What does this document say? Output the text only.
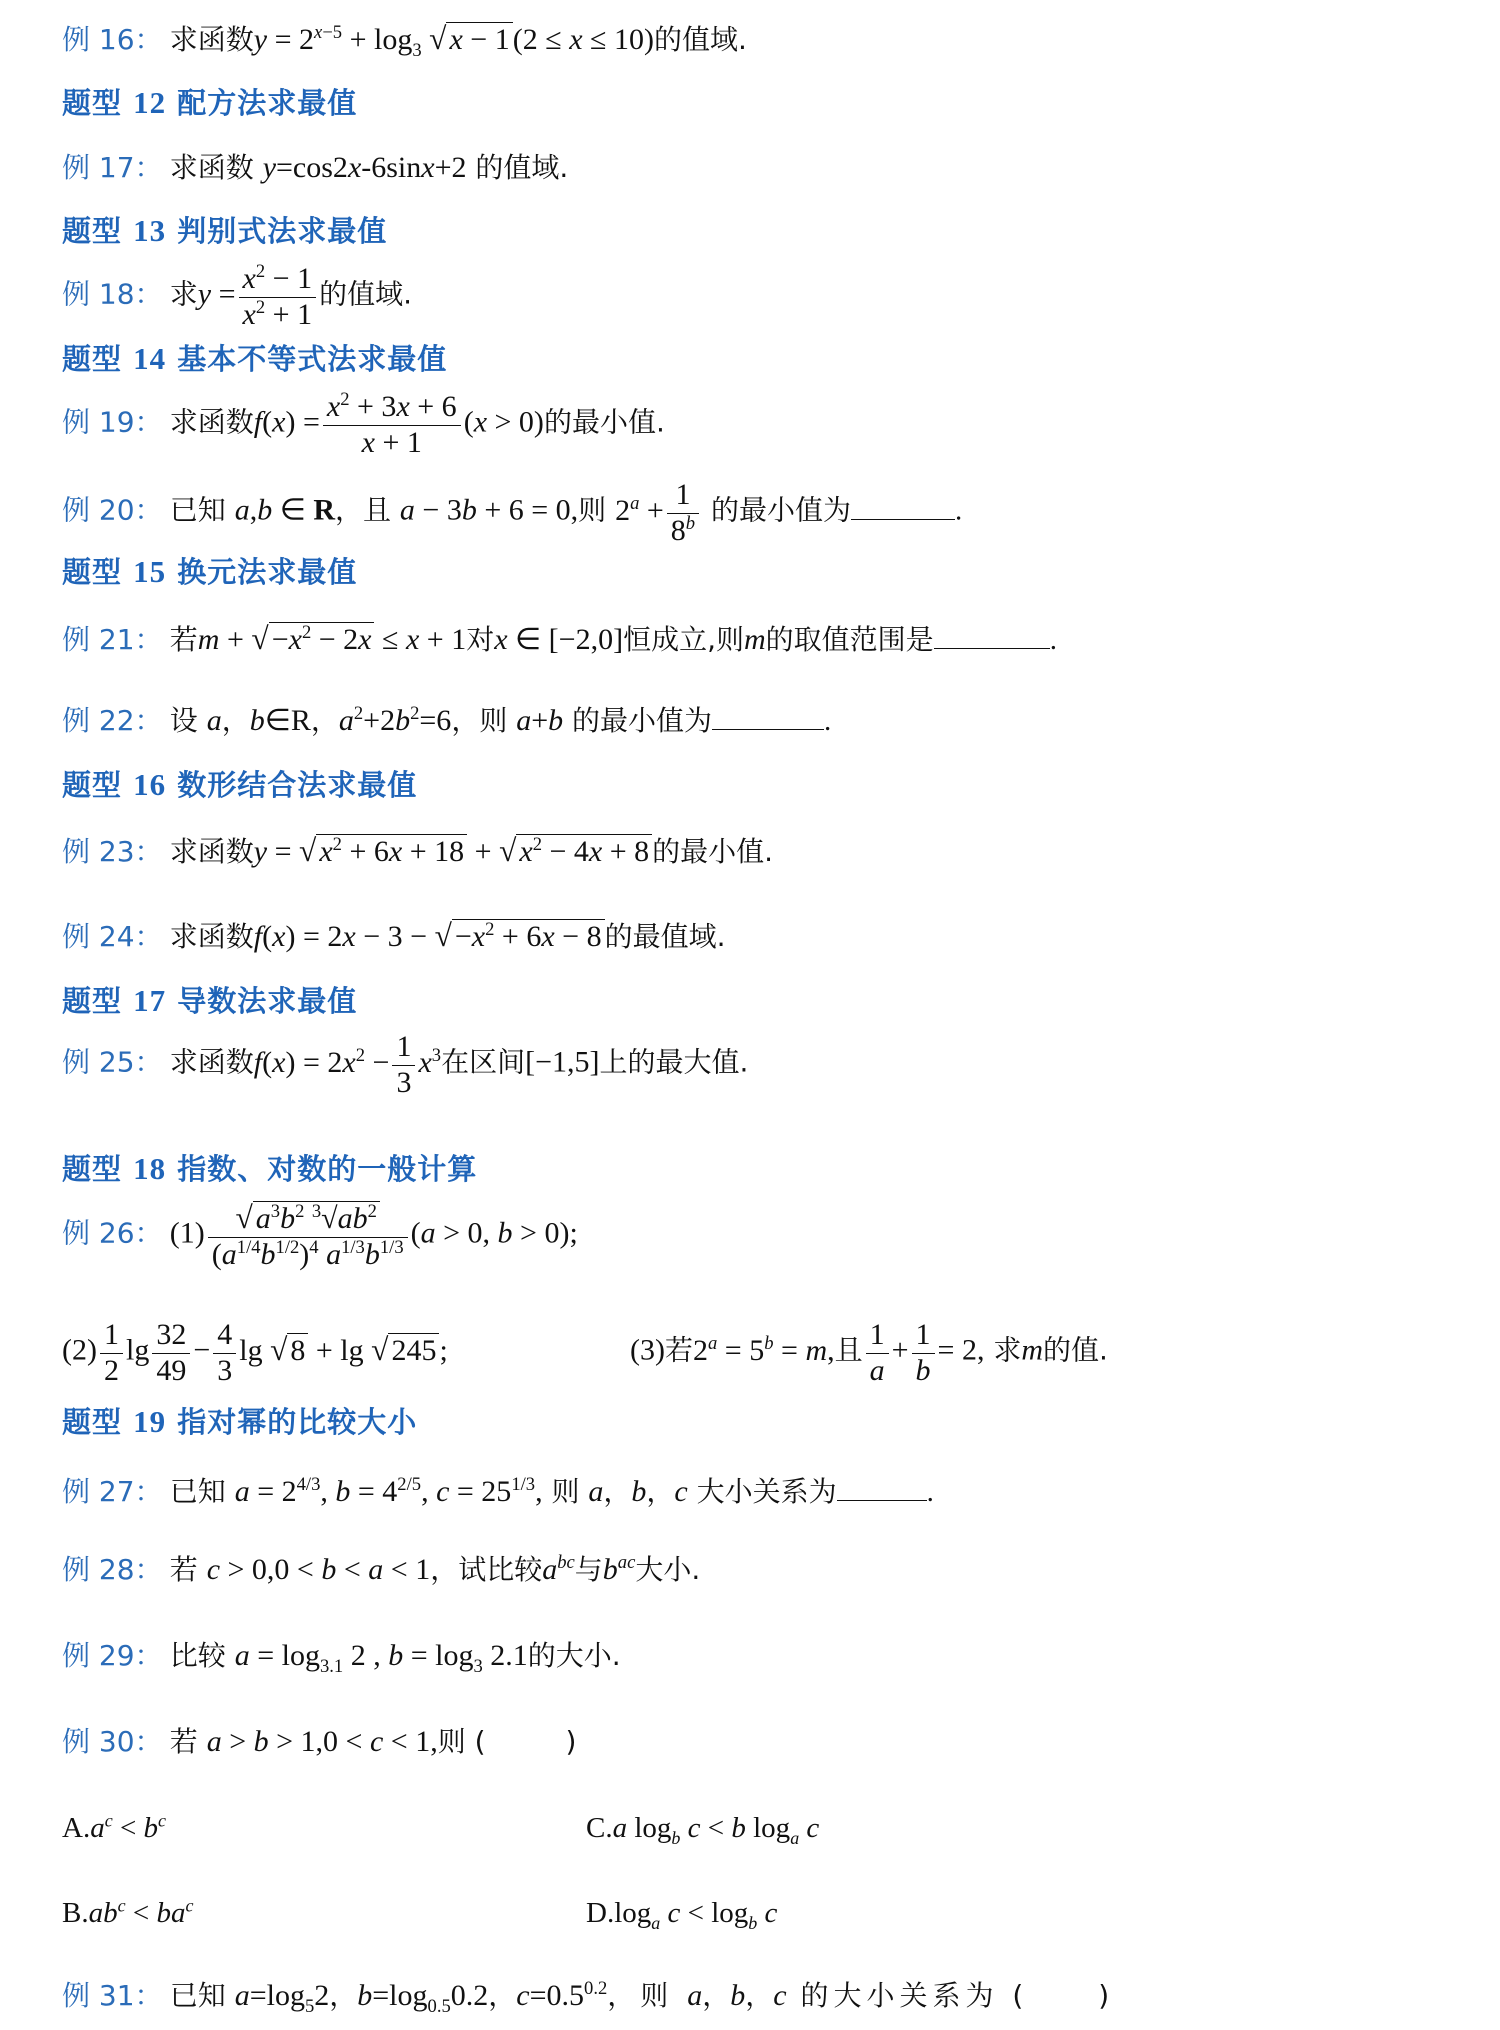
例 16： 求函数$y = 2^{x-5} + \log_3$ √ x − 1 (2 ≤ x ≤ 10)的值域.
题型 12 配方法求最值
例 17： 求函数 y=cos2x-6sinx+2 的值域.
题型 13 判别式法求最值
例 18： 求$y = \frac{x^2 - 1}{x^2 + 1}$ 的值域.
题型 14 基本不等式法求最值
例 19： 求函数$f(x) = \frac{x^2 + 3x + 6}{x + 1} (x > 0)$的最小值.
例 20： 已知 a,b ∈ R，且 a − 3b + 6 = 0,则 $2^a + \frac{1}{8^b}$ 的最小值为	.
题型 15 换元法求最值
例 21： 若m + √ $-x^2 - 2x \le x + 1$对x ∈ [−2,0]恒成立,则m的取值范围是	.
例 22： 设 a，b∈R，$a^2+2b^2=6$，则 a+b 的最小值为	.
题型 16 数形结合法求最值
例 23： 求函数y = √ $x^2 + 6x + 18$ + √ $x^2 - 4x + 8$ 的最小值.
例 24： 求函数f(x) = 2x − 3 − √ $-x^2 + 6x - 8$ 的最值域.
题型 17 导数法求最值
例 25： 求函数$f(x) = 2x^2 - \frac{1}{3} x^3$在区间[−1,5]上的最大值.
题型 18 指数、对数的一般计算
例 26： $(1) \frac{√ a^3b^2 ^3√ab^2}{(a^{1/4}b^{1/2})^4 a^{1/3}b^{1/3}} (a > 0$, b > 0);
$(2) \frac{1}{2}$ $\lg \frac{32}{49} - \frac{4}{3}$ lg √ 8 + lg √ 245 ;	(3)若$2^a = 5^b = m$,且 $\frac{1}{a} + \frac{1}{b} = 2$, 求m的值.
题型 19 指对幂的比较大小
例 27： 已知 $a = 2^{4/3}$, $b = 4^{2/5}$, $c = 25^{1/3}$, 则 a，b，c 大小关系为	.
例 28： 若 c > 0,0 < b < a < 1，试比较$a^{bc}$与$b^{ac}$大小.
例 29： 比较 $a = \log_{3.1} 2$ , $b = \log_3 2.1$的大小.
例 30： 若 a > b > 1,0 < c < 1,则 (	)
$A.a^c < b^c$	C.a $\log_b c < b$ $\log_a c$
$B.ab^c < ba^c$	$D.\log_a$ $c < \log_b c$
例 31： 已知 $a=\log_52$，$b=\log_{0.5}0.2$，$c=0.5^{0.2}$，则 a，b，c 的大小关系为 (	)
